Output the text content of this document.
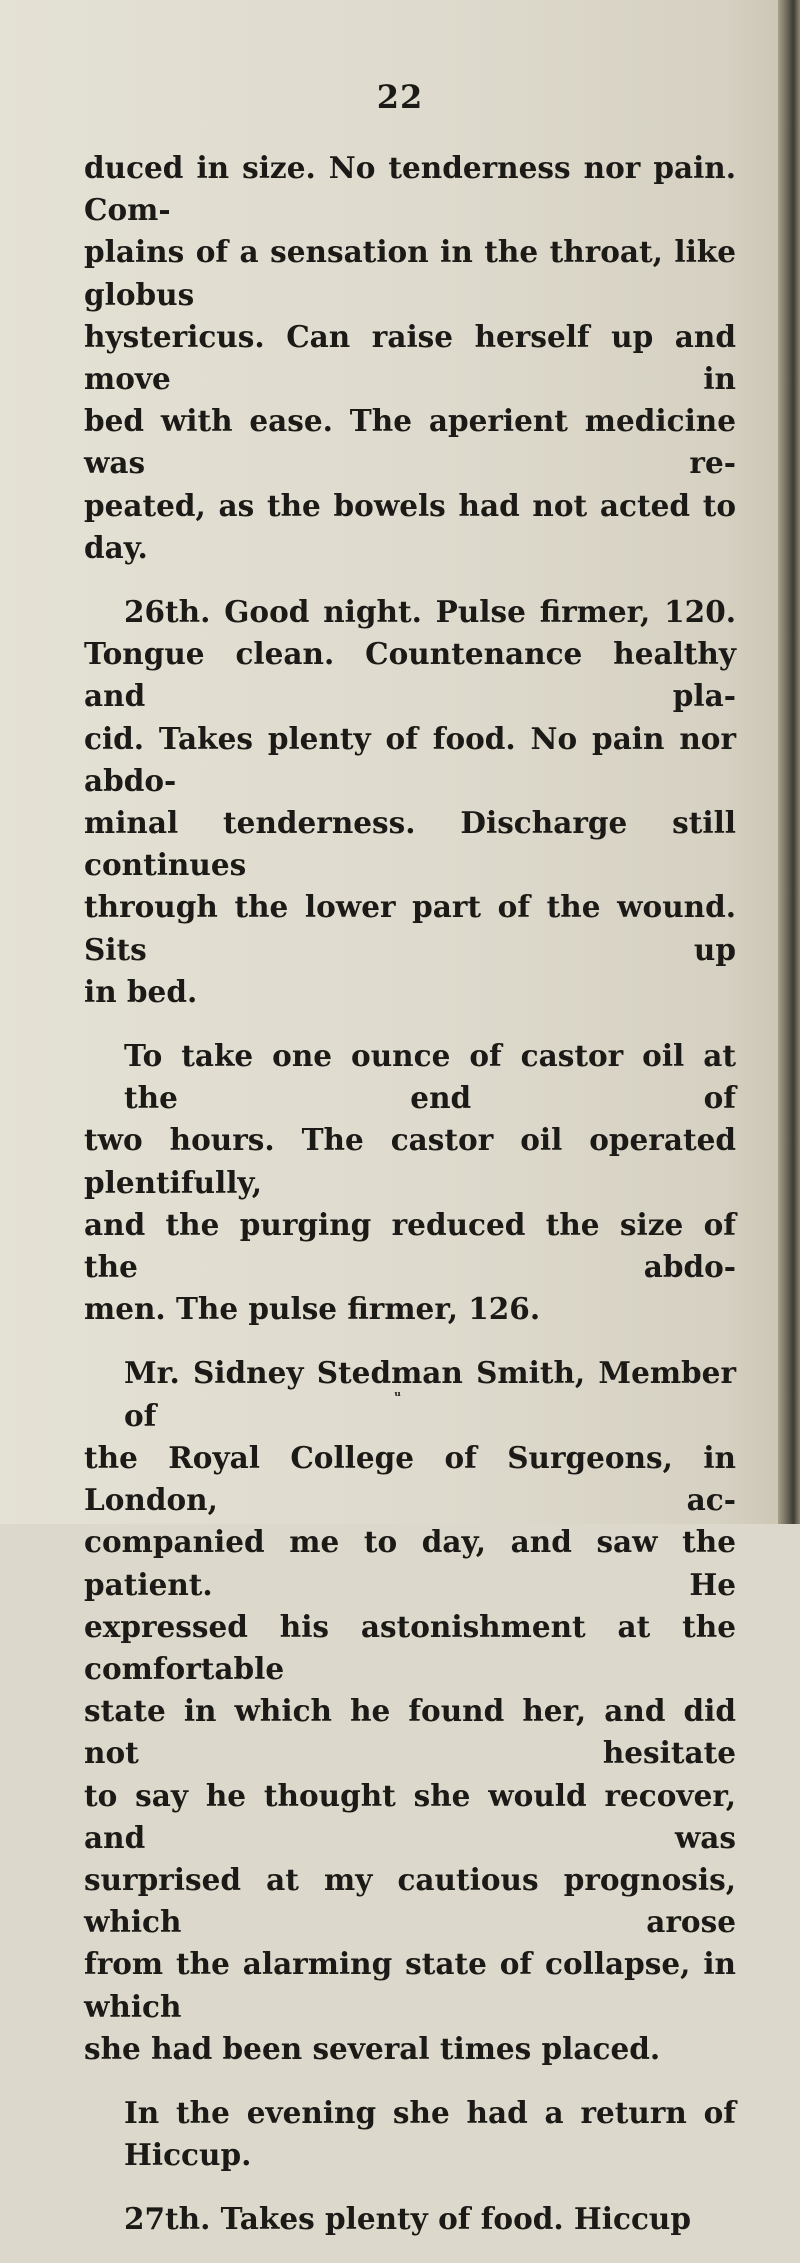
22

duced in size. No tenderness nor pain. Com-

plains of a sensation in the throat, like globus

hystericus. Can raise herself up and move in

bed with ease. The aperient medicine was re-

peated, as the bowels had not acted to day.

26th. Good night. Pulse firmer, 120.

Tongue clean. Countenance healthy and pla-

cid. Takes plenty of food. No pain nor abdo-

minal tenderness. Discharge still continues

through the lower part of the wound. Sits up

in bed.

To take one ounce of castor oil at the end of

two hours. The castor oil operated plentifully,

and the purging reduced the size of the abdo-

men. The pulse firmer, 126.

Mr. Sidney Stedman Smith, Member of

the Royal College of Surgeons, in London, ac-

companied me to day, and saw the patient. He

expressed his astonishment at the comfortable

state in which he found her, and did not hesitate

to say he thought she would recover, and was

surprised at my cautious prognosis, which arose

from the alarming state of collapse, in which

she had been several times placed.

In the evening she had a return of Hiccup.

27th. Takes plenty of food. Hiccup

ᵘ
